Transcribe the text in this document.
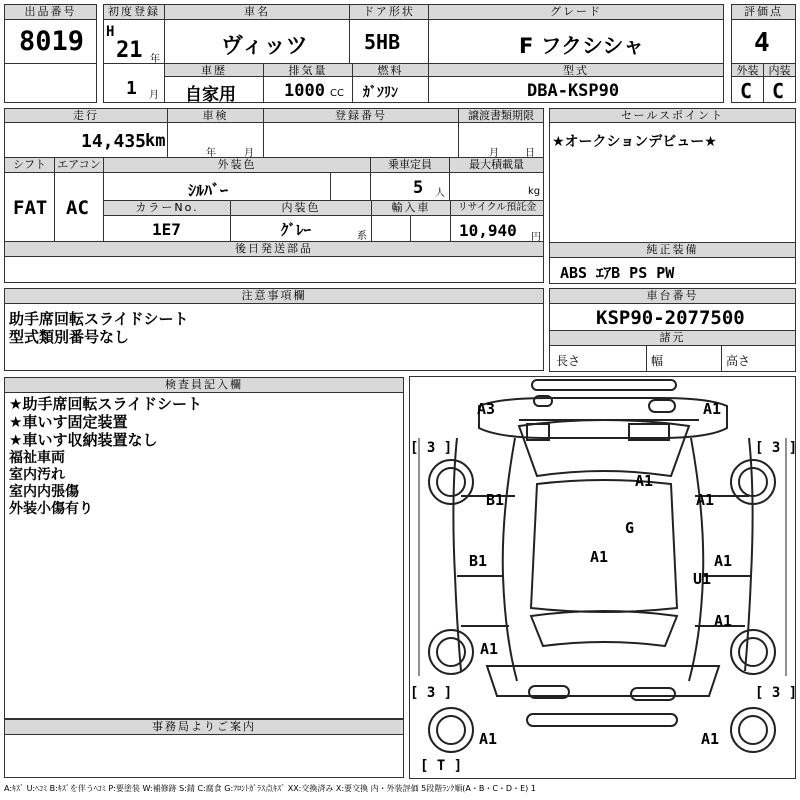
出品番号
8019
初度登録
H
21 年
1 月
車名
ヴィッツ
ドア形状
5HB
グレード
F フクシシャ
評価点
4
車歴
自家用
排気量
1000 CC
燃料
ｶﾞｿﾘﾝ
型式
DBA-KSP90
外装 内装
C C
走行
14,435
km
車検
年	月
登録番号	譲渡書類期限
月	日
シフト
FAT
エアコン
AC
外装色
ｼﾙﾊﾞｰ
乗車定員
5 人
最大積載量
kg
カラーNo.
1E7
内装色
ｸﾞﾚｰ	系
輸入車	リサイクル預託金
10,940 円
後日発送部品
セールスポイント
★オークションデビュー★
純正装備
ABS ｴｱB PS PW
注意事項欄
助手席回転スライドシート
型式類別番号なし
車台番号
KSP90-2077500
諸元
長さ	幅	高さ
検査員記入欄
★助手席回転スライドシート
★車いす固定装置
★車いす収納装置なし
福祉車両
室内汚れ
室内内張傷
外装小傷有り
事務局よりご案内
A3	A1
B1
A1
A1
G
B1	A1	A1
U1
A1
A1
A1	A1
[ 3 ]	[ 3 ]
[ 3 ]	[ 3 ]
[ T ]
A:ｷｽﾞ U:ﾍｺﾐ B:ｷｽﾞを伴うﾍｺﾐ P:要塗装 W:補修跡 S:錆 C:腐食 G:ﾌﾛﾝﾄｶﾞﾗｽ点ｷｽﾞ XX:交換済み X:要交換 内・外装評価 5段階ﾗﾝｸ順(A・B・C・D・E) 1
